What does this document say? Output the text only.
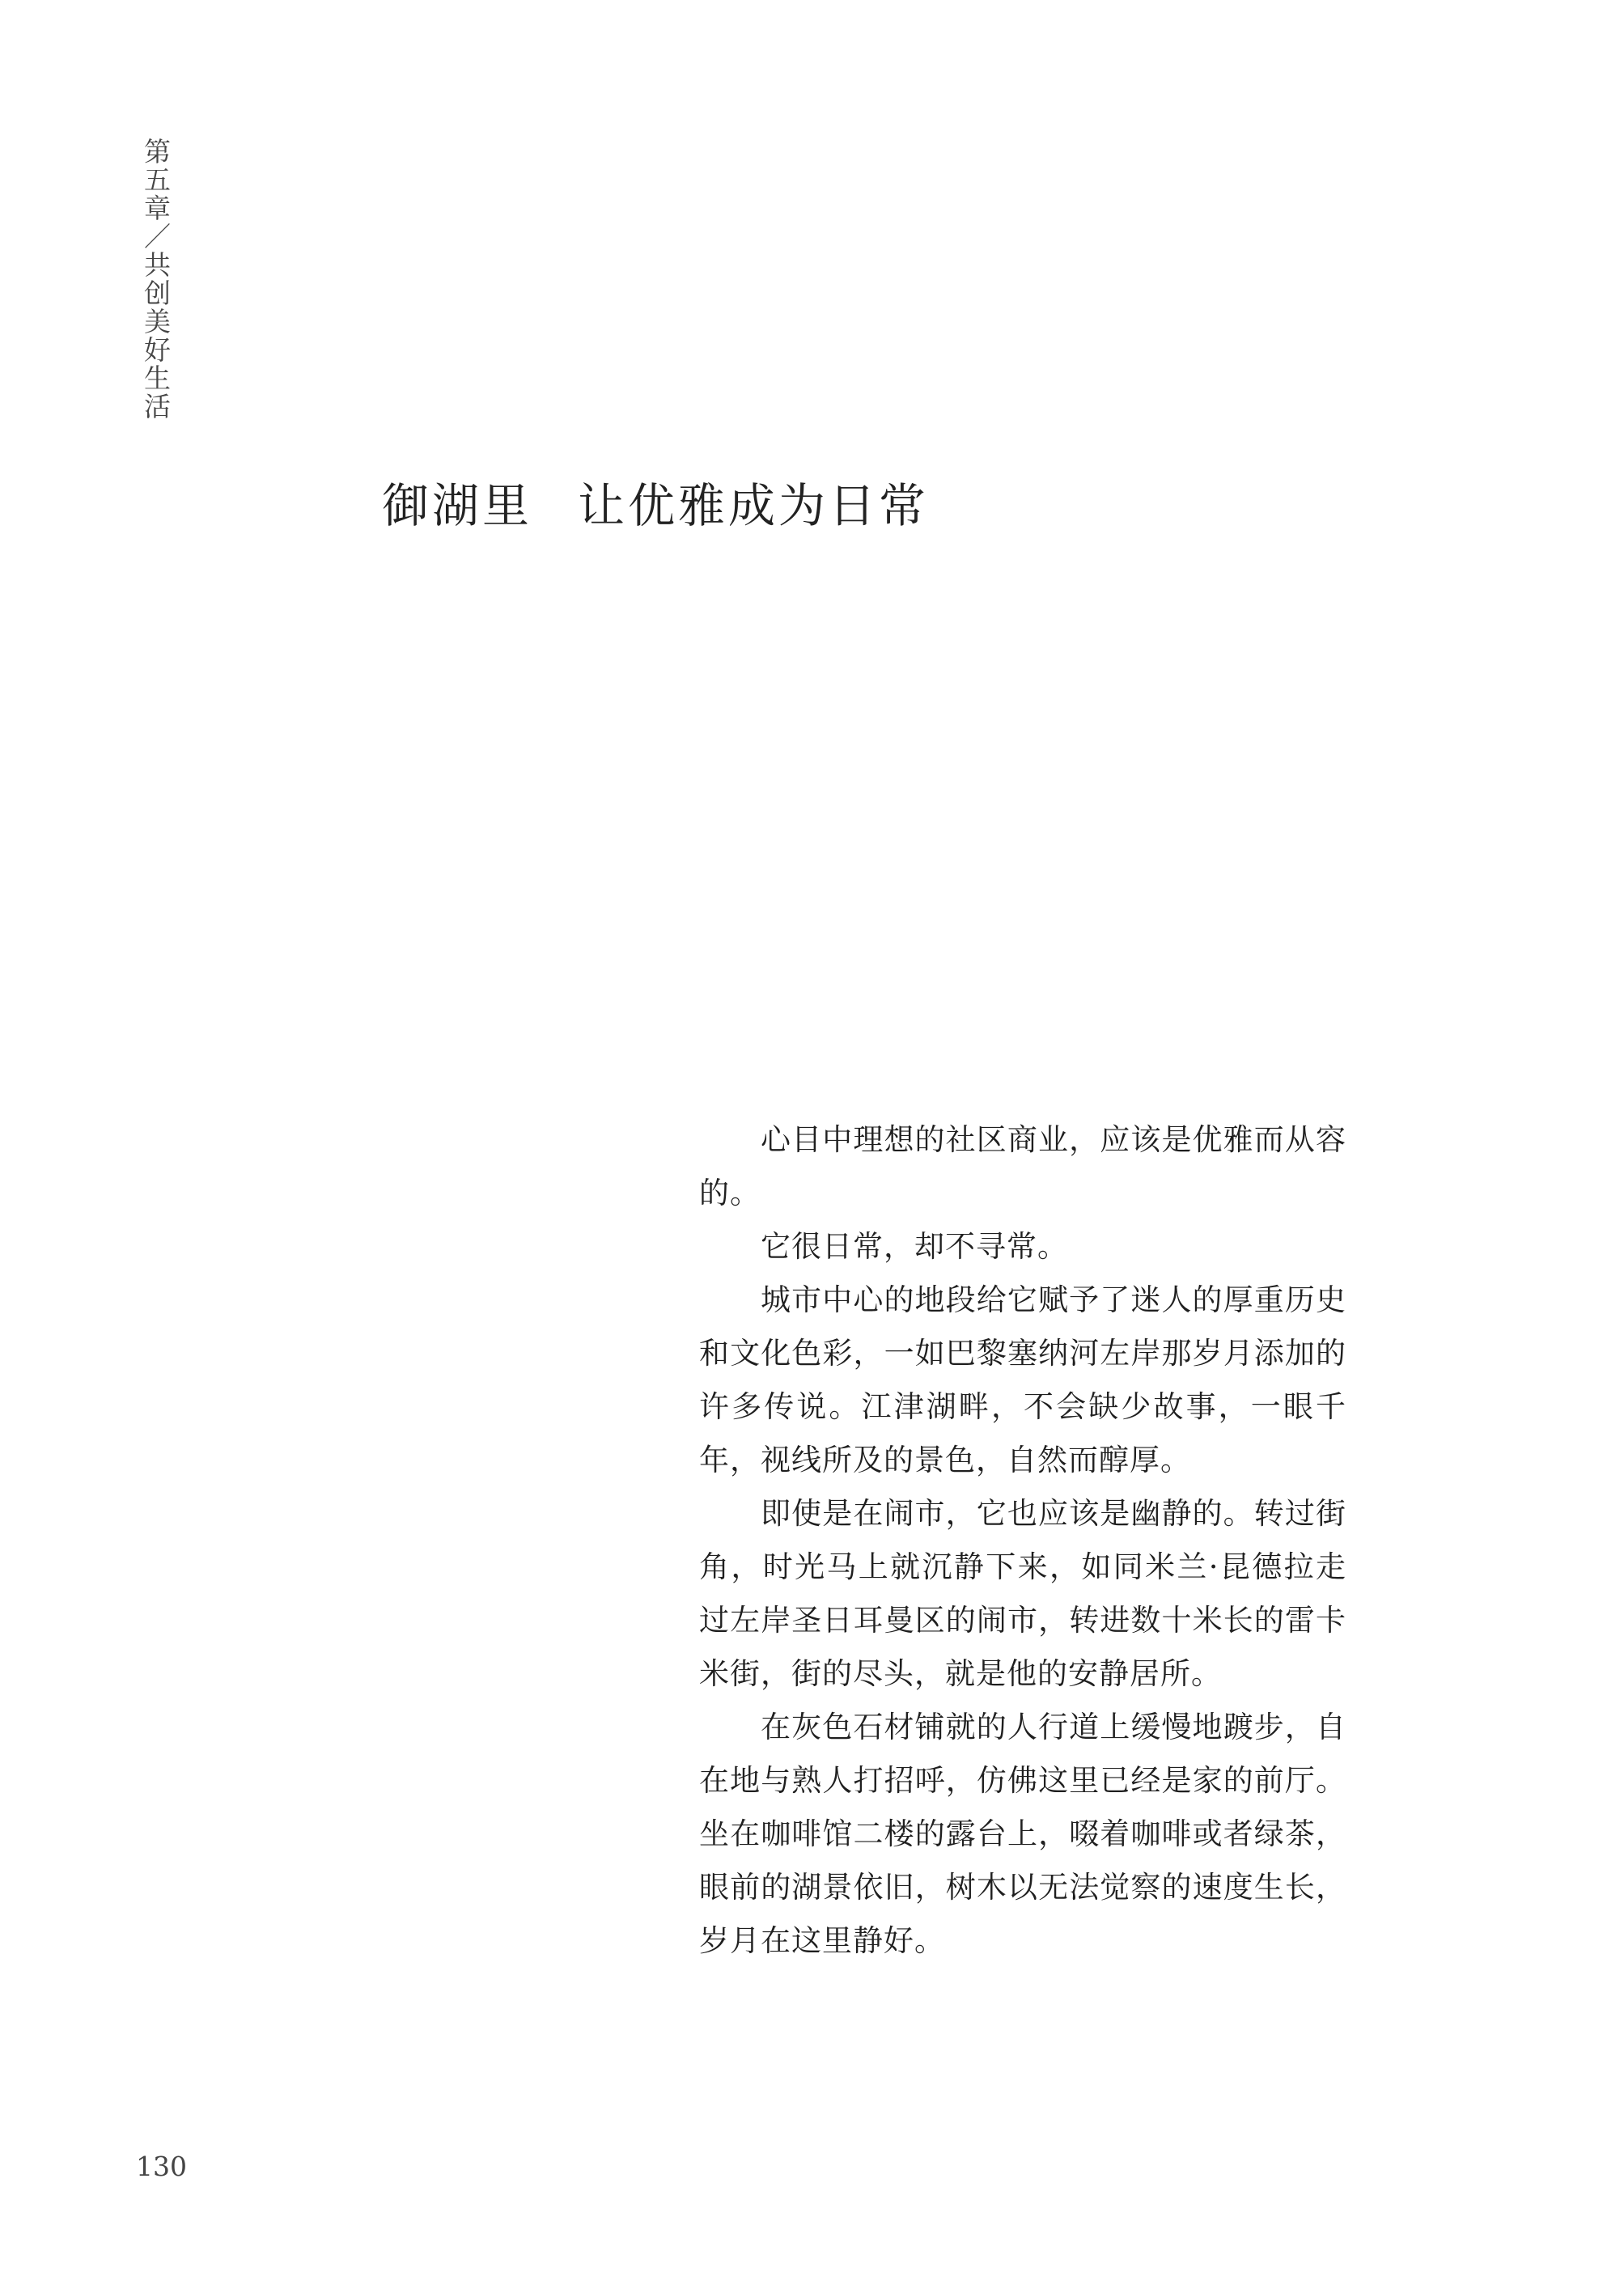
第五章／共创美好生活
御湖里 让优雅成为日常

心目中理想的社区商业，应该是优雅而从容的。

它很日常，却不寻常。

城市中心的地段给它赋予了迷人的厚重历史和文化色彩，一如巴黎塞纳河左岸那岁月添加的许多传说。江津湖畔，不会缺少故事，一眼千年，视线所及的景色，自然而醇厚。

即使是在闹市，它也应该是幽静的。转过街角，时光马上就沉静下来，如同米兰·昆德拉走过左岸圣日耳曼区的闹市，转进数十米长的雷卡米街，街的尽头，就是他的安静居所。

在灰色石材铺就的人行道上缓慢地踱步，自在地与熟人打招呼，仿佛这里已经是家的前厅。坐在咖啡馆二楼的露台上，啜着咖啡或者绿茶，眼前的湖景依旧，树木以无法觉察的速度生长，岁月在这里静好。

130
